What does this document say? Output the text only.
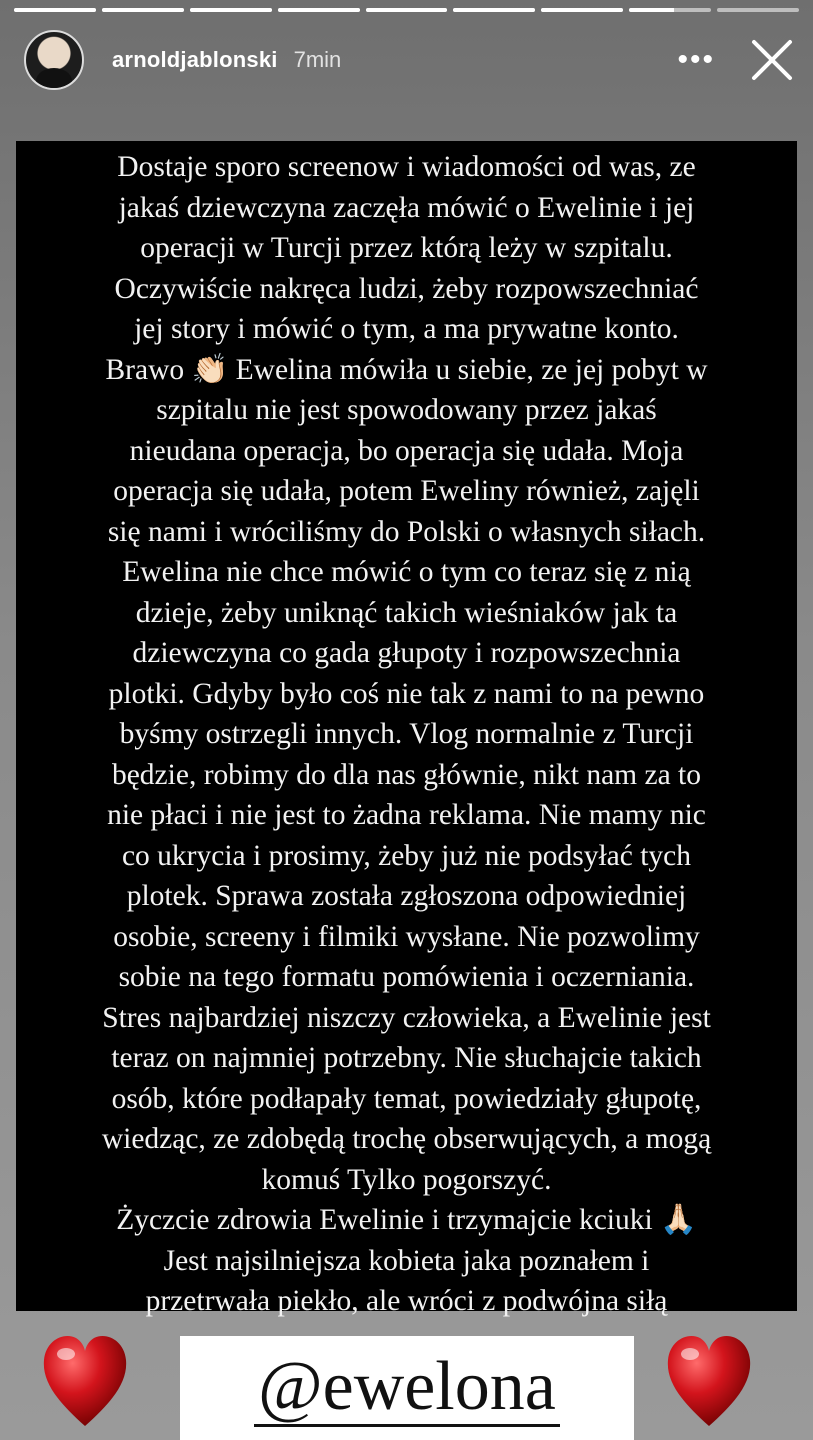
arnoldjablonski 7min	•••
Dostaje sporo screenow i wiadomości od was, ze
jakaś dziewczyna zaczęła mówić o Ewelinie i jej
operacji w Turcji przez którą leży w szpitalu.
Oczywiście nakręca ludzi, żeby rozpowszechniać
jej story i mówić o tym, a ma prywatne konto.
Brawo 👏🏻 Ewelina mówiła u siebie, ze jej pobyt w
szpitalu nie jest spowodowany przez jakaś
nieudana operacja, bo operacja się udała. Moja
operacja się udała, potem Eweliny również, zajęli
się nami i wróciliśmy do Polski o własnych siłach.
Ewelina nie chce mówić o tym co teraz się z nią
dzieje, żeby uniknąć takich wieśniaków jak ta
dziewczyna co gada głupoty i rozpowszechnia
plotki. Gdyby było coś nie tak z nami to na pewno
byśmy ostrzegli innych. Vlog normalnie z Turcji
będzie, robimy do dla nas głównie, nikt nam za to
nie płaci i nie jest to żadna reklama. Nie mamy nic
co ukrycia i prosimy, żeby już nie podsyłać tych
plotek. Sprawa została zgłoszona odpowiedniej
osobie, screeny i filmiki wysłane. Nie pozwolimy
sobie na tego formatu pomówienia i oczerniania.
Stres najbardziej niszczy człowieka, a Ewelinie jest
teraz on najmniej potrzebny. Nie słuchajcie takich
osób, które podłapały temat, powiedziały głupotę,
wiedząc, ze zdobędą trochę obserwujących, a mogą
komuś Tylko pogorszyć.
Życzcie zdrowia Ewelinie i trzymajcie kciuki 🙏🏻
Jest najsilniejsza kobieta jaka poznałem i
przetrwała piekło, ale wróci z podwójna siłą
@ewelona
